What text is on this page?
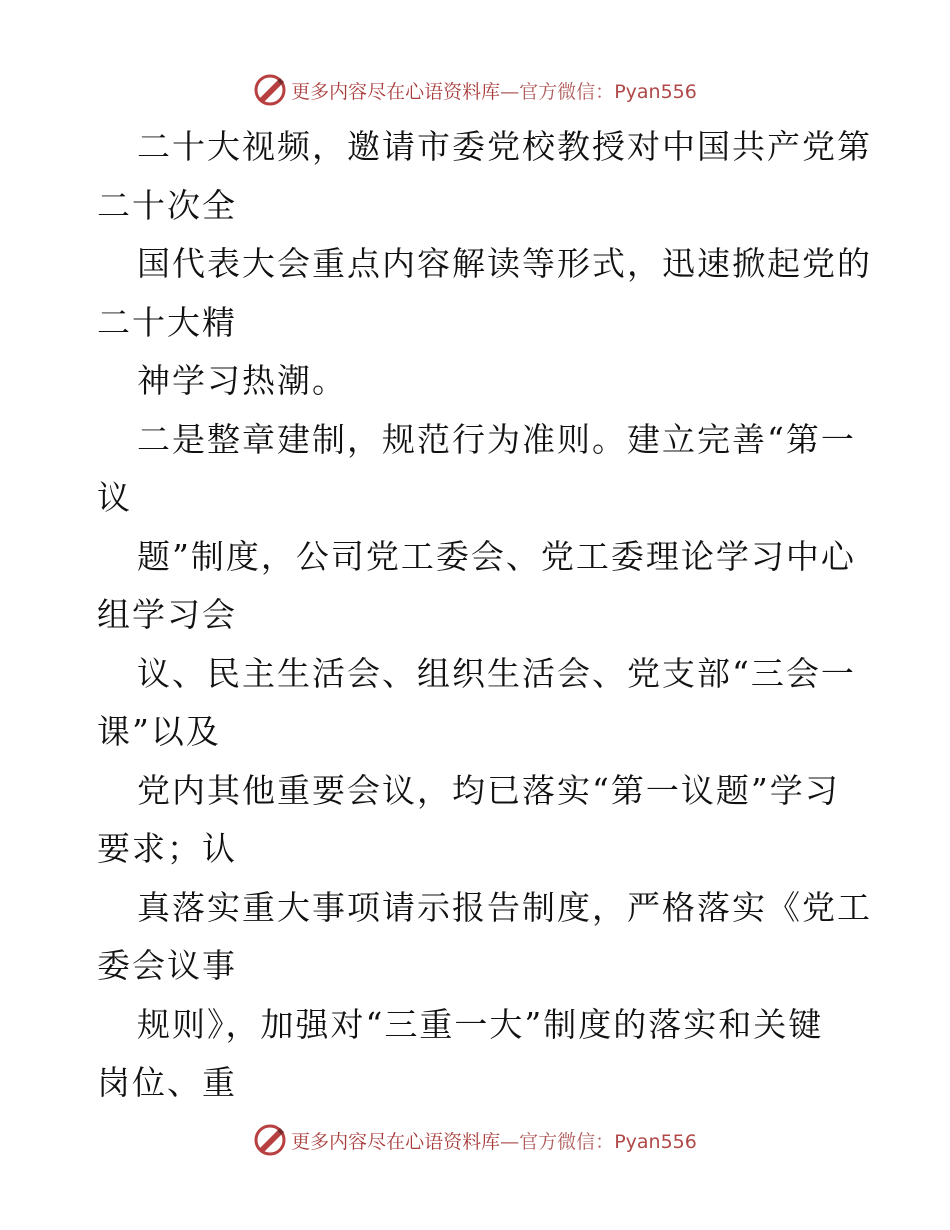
更多内容尽在心语资料库—官方微信：Pyan556
二十大视频，邀请市委党校教授对中国共产党第
二十次全
国代表大会重点内容解读等形式，迅速掀起党的
二十大精
神学习热潮。
二是整章建制，规范行为准则。建立完善“第一
议
题”制度，公司党工委会、党工委理论学习中心
组学习会
议、民主生活会、组织生活会、党支部“三会一
课”以及
党内其他重要会议，均已落实“第一议题”学习
要求；认
真落实重大事项请示报告制度，严格落实《党工
委会议事
规则》，加强对“三重一大”制度的落实和关键
岗位、重
更多内容尽在心语资料库—官方微信：Pyan556
